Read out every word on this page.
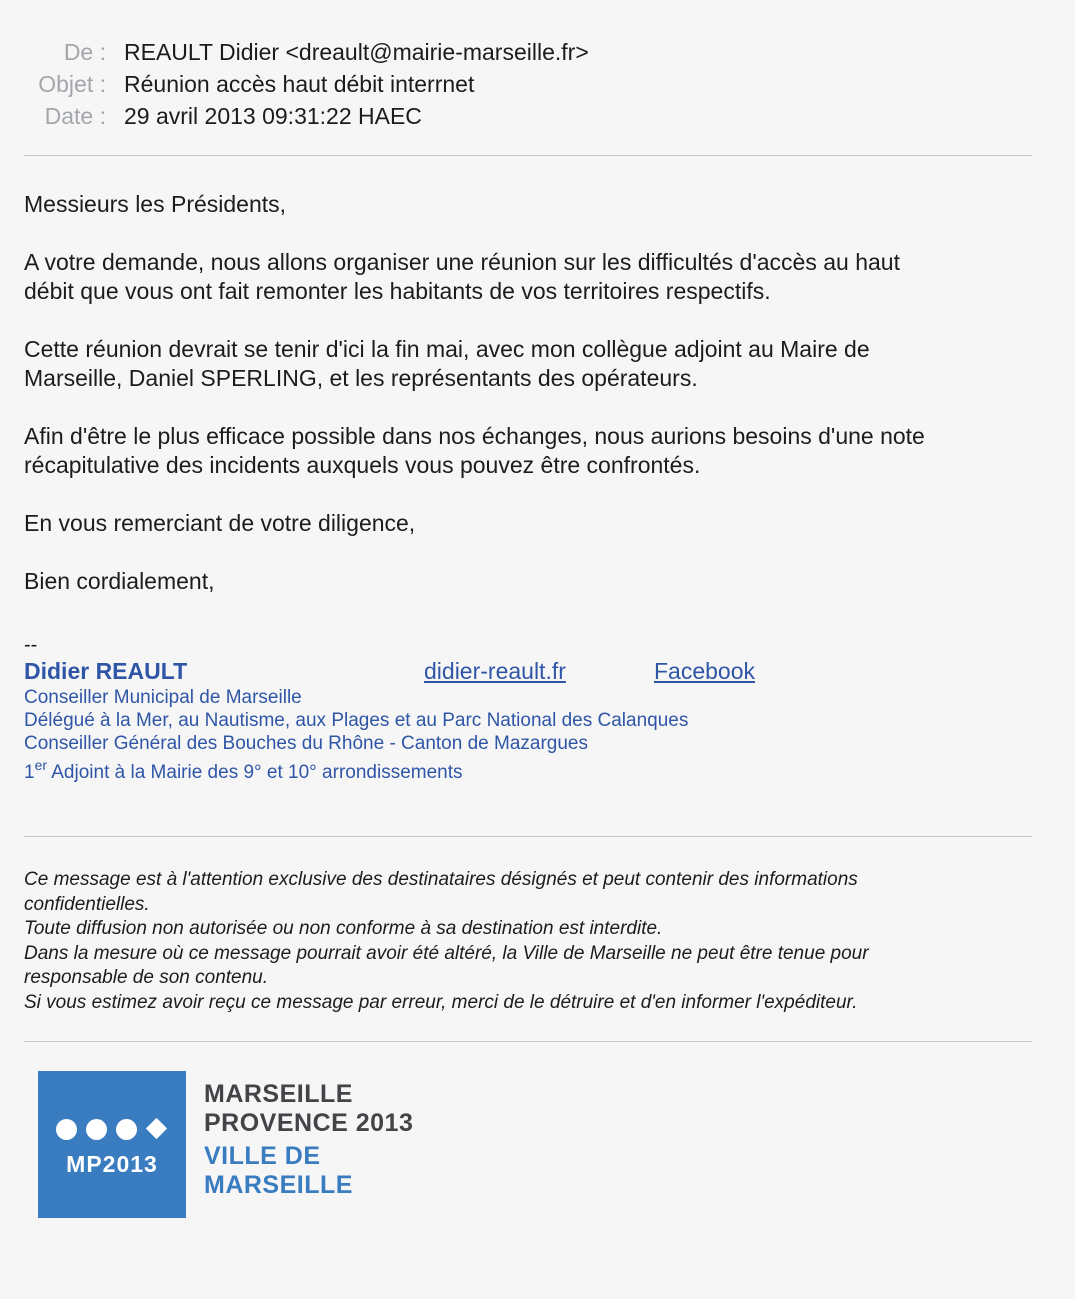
De : REAULT Didier <dreault@mairie-marseille.fr>
Objet : Réunion accès haut débit interrnet
Date : 29 avril 2013 09:31:22 HAEC

Messieurs les Présidents,

A votre demande, nous allons organiser une réunion sur les difficultés d'accès au haut
débit que vous ont fait remonter les habitants de vos territoires respectifs.

Cette réunion devrait se tenir d'ici la fin mai, avec mon collègue adjoint au Maire de
Marseille, Daniel SPERLING, et les représentants des opérateurs.

Afin d'être le plus efficace possible dans nos échanges, nous aurions besoins d'une note
récapitulative des incidents auxquels vous pouvez être confrontés.

En vous remerciant de votre diligence,

Bien cordialement,

--
Didier REAULT	didier-reault.fr	Facebook
Conseiller Municipal de Marseille
Délégué à la Mer, au Nautisme, aux Plages et au Parc National des Calanques
Conseiller Général des Bouches du Rhône - Canton de Mazargues
1er Adjoint à la Mairie des 9° et 10° arrondissements
Ce message est à l'attention exclusive des destinataires désignés et peut contenir des informations
confidentielles.
Toute diffusion non autorisée ou non conforme à sa destination est interdite.
Dans la mesure où ce message pourrait avoir été altéré, la Ville de Marseille ne peut être tenue pour
responsable de son contenu.
Si vous estimez avoir reçu ce message par erreur, merci de le détruire et d'en informer l'expéditeur.
MP2013
MARSEILLE
PROVENCE 2013
VILLE DE
MARSEILLE
